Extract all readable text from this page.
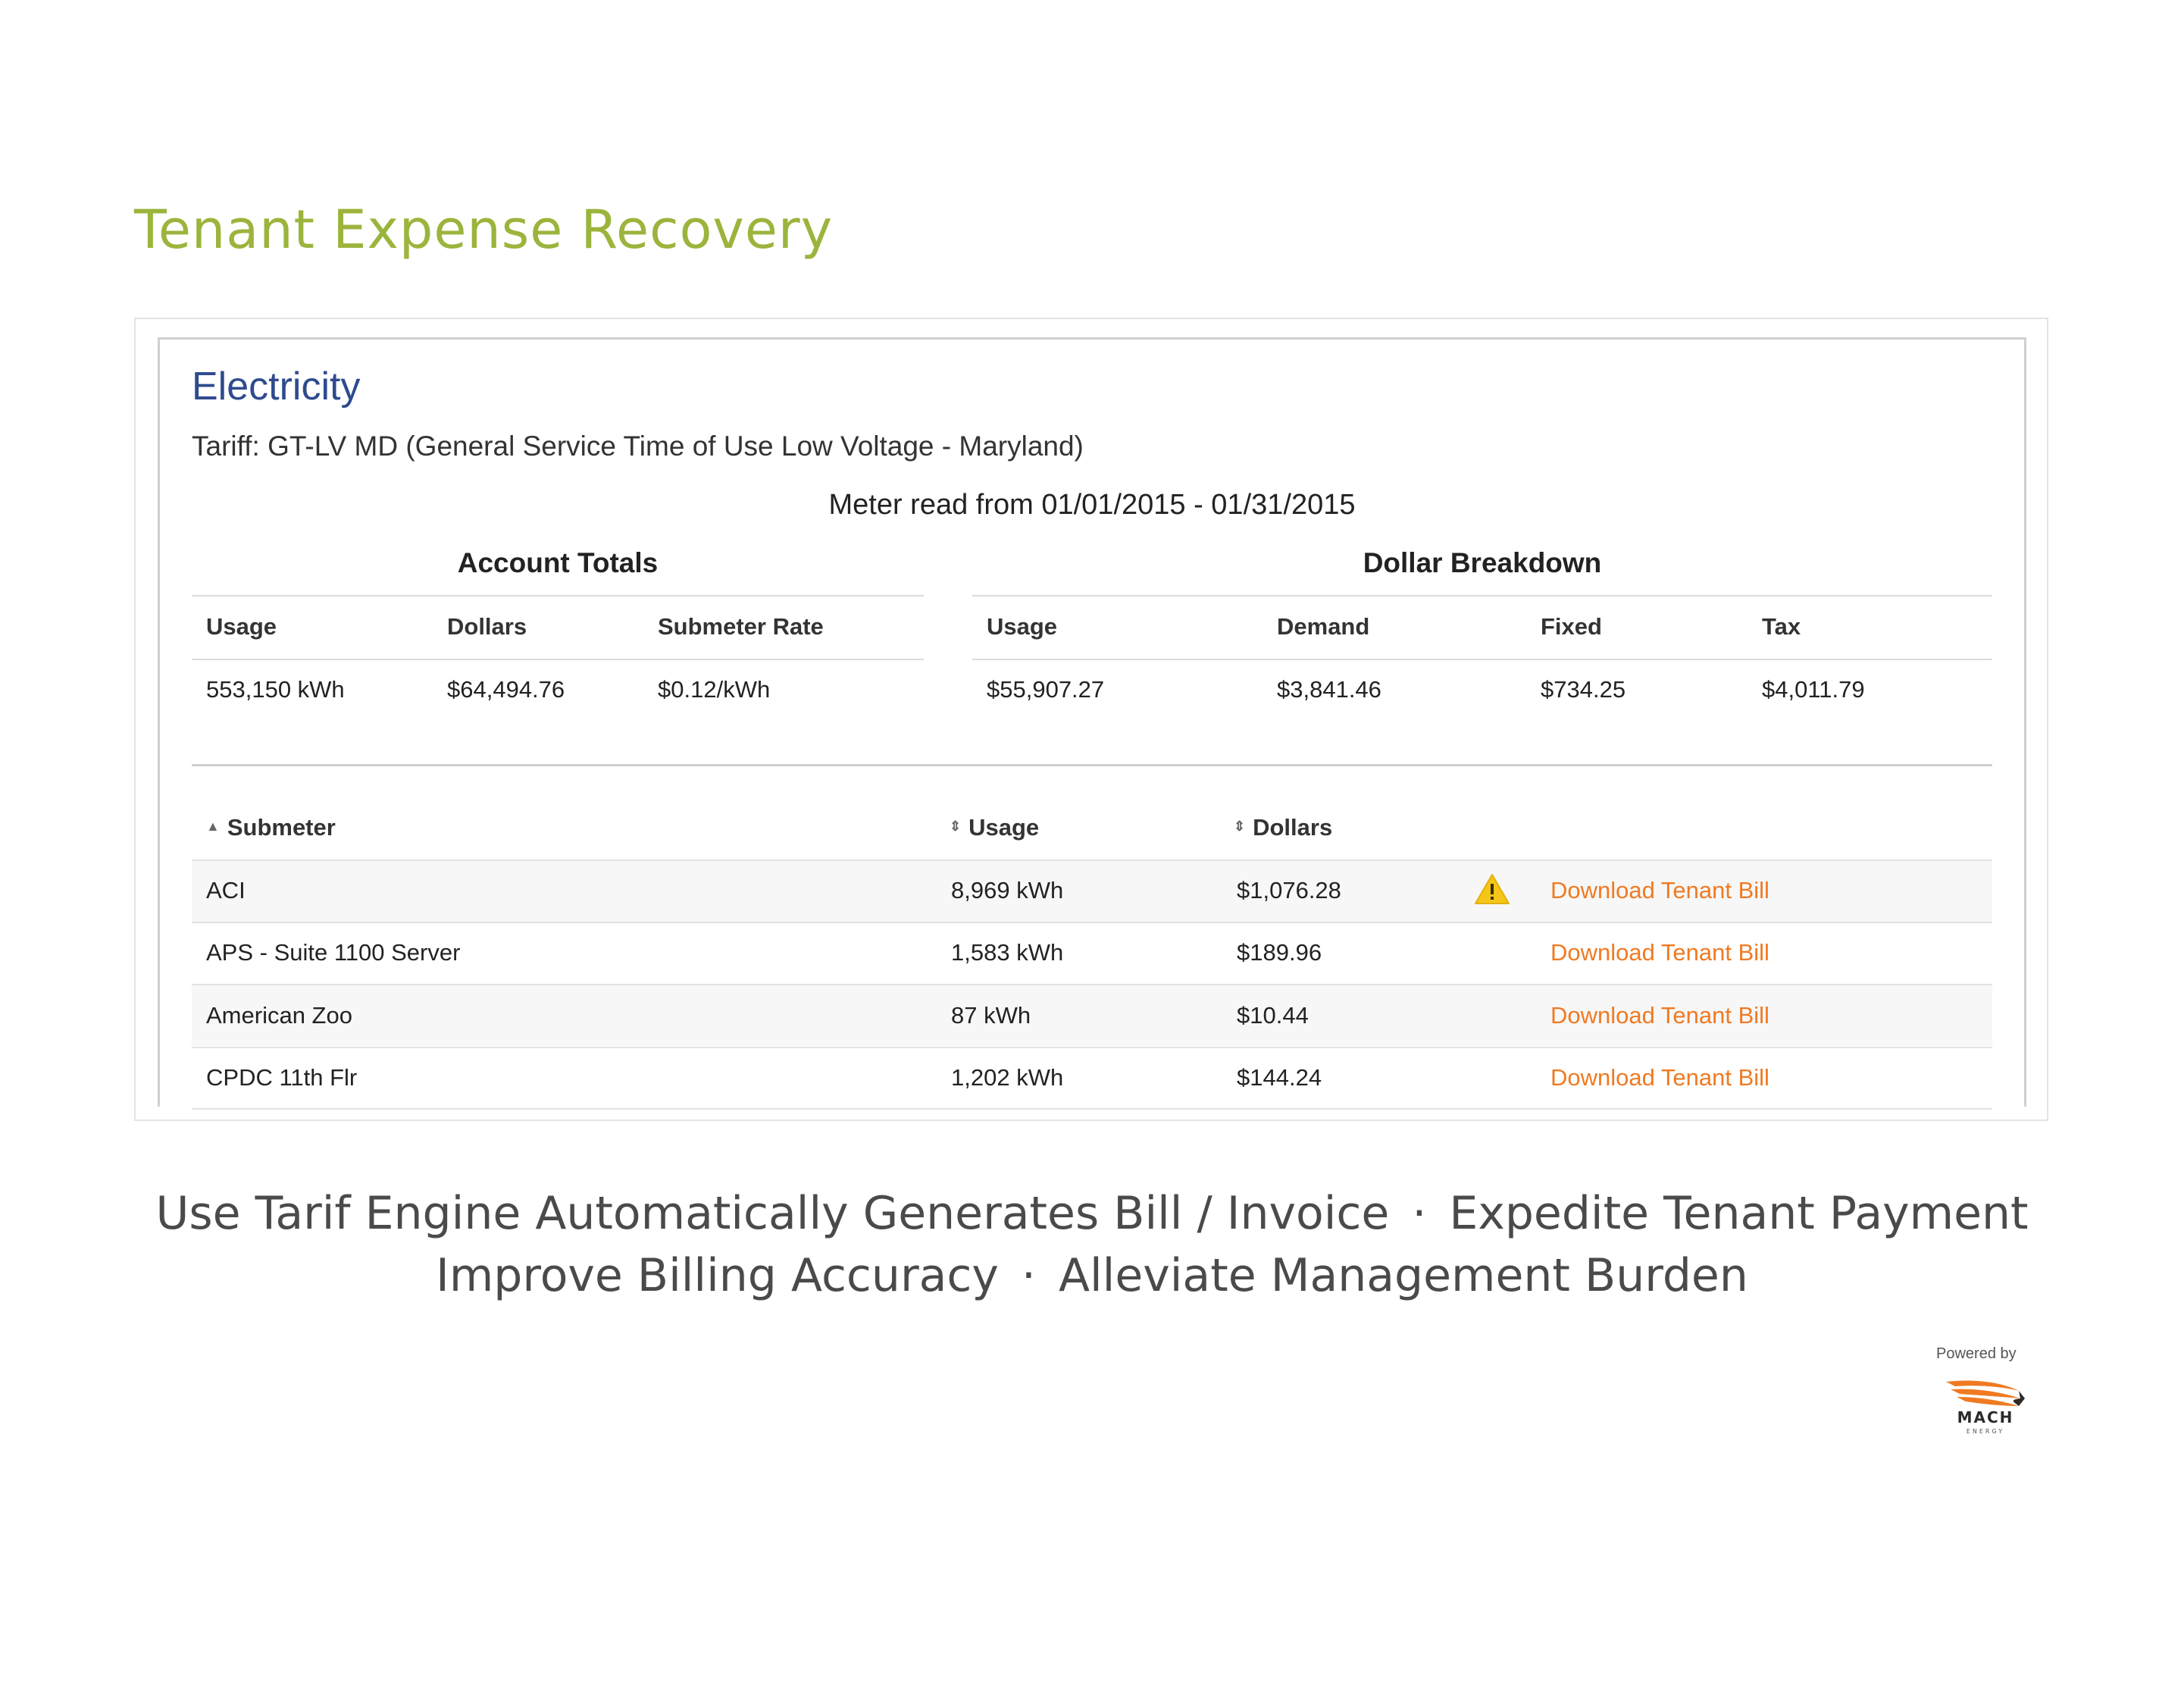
Tenant Expense Recovery
Electricity
Tariff: GT-LV MD (General Service Time of Use Low Voltage - Maryland)
Meter read from 01/01/2015 - 01/31/2015
Account Totals
Usage	Dollars	Submeter Rate
553,150 kWh	$64,494.76	$0.12/kWh
Dollar Breakdown
Usage	Demand	Fixed	Tax
$55,907.27	$3,841.46	$734.25	$4,011.79
▲ Submeter	⇕ Usage	⇕ Dollars
ACI	8,969 kWh	$1,076.28	Download Tenant Bill
APS - Suite 1100 Server	1,583 kWh	$189.96	Download Tenant Bill
American Zoo	87 kWh	$10.44	Download Tenant Bill
CPDC 11th Flr	1,202 kWh	$144.24	Download Tenant Bill
Use Tarif Engine Automatically Generates Bill / Invoice · Expedite Tenant Payment
Improve Billing Accuracy · Alleviate Management Burden
Powered by
MACH
ENERGY
